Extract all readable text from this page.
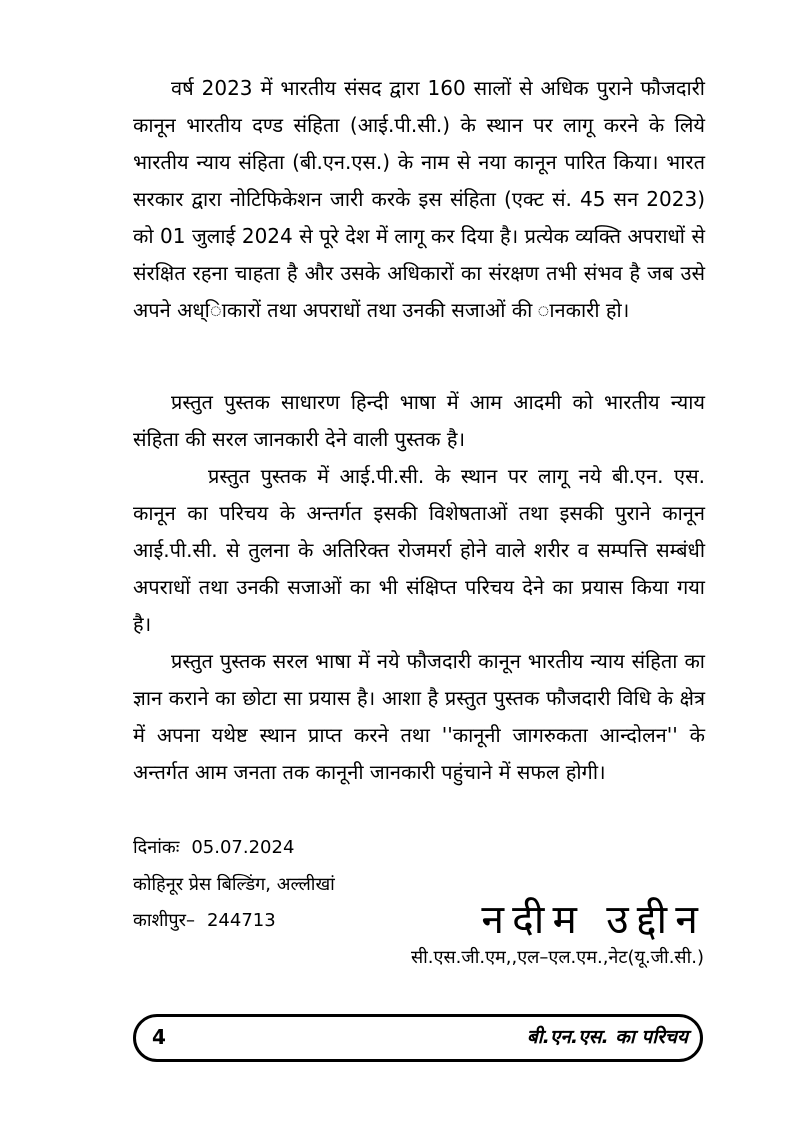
वर्ष 2023 में भारतीय संसद द्वारा 160 सालों से अधिक पुराने फौजदारी कानून भारतीय दण्ड संहिता (आई.पी.सी.) के स्थान पर लागू करने के लिये भारतीय न्याय संहिता (बी.एन.एस.) के नाम से नया कानून पारित किया। भारत सरकार द्वारा नोटिफिकेशन जारी करके इस संहिता (एक्ट सं. 45 सन 2023) को 01 जुलाई 2024 से पूरे देश में लागू कर दिया है। प्रत्येक व्यक्ति अपराधों से संरक्षित रहना चाहता है और उसके अधिकारों का संरक्षण तभी संभव है जब उसे अपने अध्िाकारों तथा अपराधों तथा उनकी सजाओं की ानकारी हो।

प्रस्तुत पुस्तक साधारण हिन्दी भाषा में आम आदमी को भारतीय न्याय संहिता की सरल जानकारी देने वाली पुस्तक है।

प्रस्तुत पुस्तक में आई.पी.सी. के स्थान पर लागू नये बी.एन. एस. कानून का परिचय के अन्तर्गत इसकी विशेषताओं तथा इसकी पुराने कानून आई.पी.सी. से तुलना के अतिरिक्त रोजमर्रा होने वाले शरीर व सम्पत्ति सम्बंधी अपराधों तथा उनकी सजाओं का भी संक्षिप्त परिचय देने का प्रयास किया गया है।

प्रस्तुत पुस्तक सरल भाषा में नये फौजदारी कानून भारतीय न्याय संहिता का ज्ञान कराने का छोटा सा प्रयास है। आशा है प्रस्तुत पुस्तक फौजदारी विधि के क्षेत्र में अपना यथेष्ट स्थान प्राप्त करने तथा ''कानूनी जागरुकता आन्दोलन'' के अन्तर्गत आम जनता तक कानूनी जानकारी पहुंचाने में सफल होगी।

दिनांकः 05.07.2024
कोहिनूर प्रेस बिल्डिंग, अल्लीखां
काशीपुर– 244713	नदीम उद्दीन
सी.एस.जी.एम,,एल–एल.एम.,नेट(यू.जी.सी.)
4	बी.एन.एस. का परिचय
